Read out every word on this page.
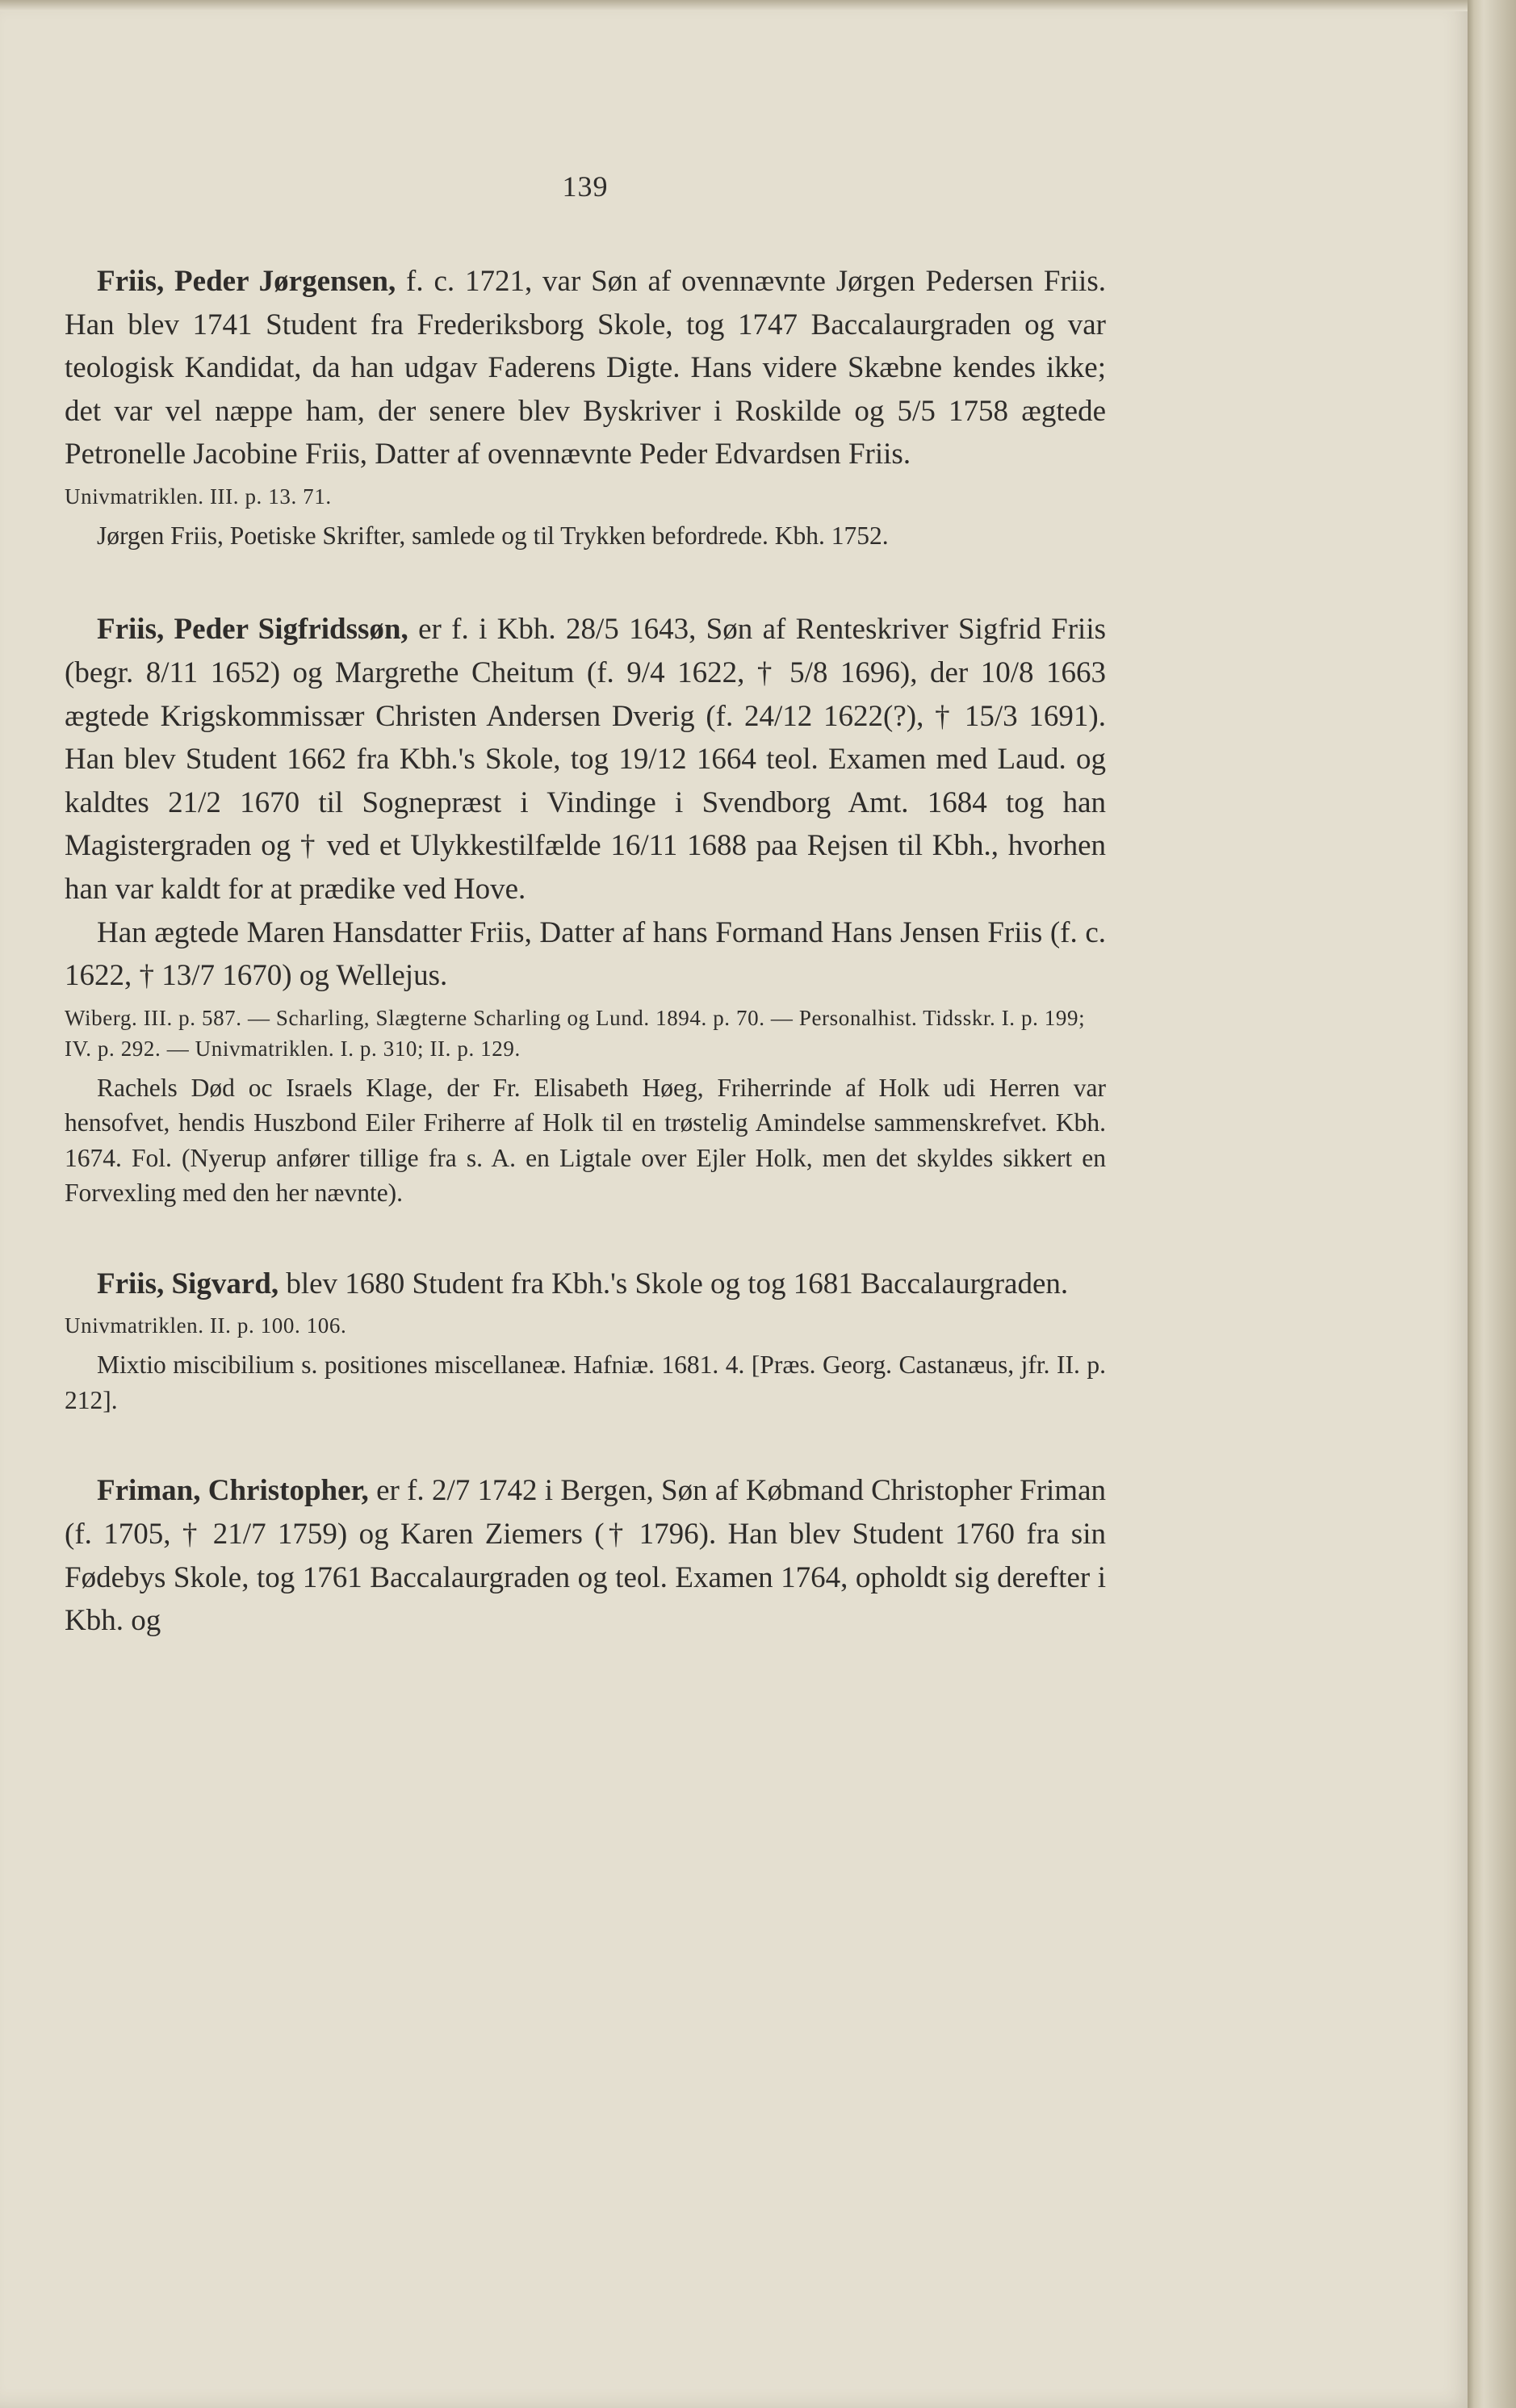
139

Friis, Peder Jørgensen, f. c. 1721, var Søn af ovennævnte Jørgen Pedersen Friis. Han blev 1741 Student fra Frederiksborg Skole, tog 1747 Baccalaurgraden og var teologisk Kandidat, da han udgav Faderens Digte. Hans videre Skæbne kendes ikke; det var vel næppe ham, der senere blev Byskriver i Roskilde og 5/5 1758 ægtede Petronelle Jacobine Friis, Datter af ovennævnte Peder Edvardsen Friis.

Univmatriklen. III. p. 13. 71.

Jørgen Friis, Poetiske Skrifter, samlede og til Trykken befordrede. Kbh. 1752.

Friis, Peder Sigfridssøn, er f. i Kbh. 28/5 1643, Søn af Renteskriver Sigfrid Friis (begr. 8/11 1652) og Margrethe Cheitum (f. 9/4 1622, † 5/8 1696), der 10/8 1663 ægtede Krigskommissær Christen Andersen Dverig (f. 24/12 1622(?), † 15/3 1691). Han blev Student 1662 fra Kbh.'s Skole, tog 19/12 1664 teol. Examen med Laud. og kaldtes 21/2 1670 til Sognepræst i Vindinge i Svendborg Amt. 1684 tog han Magistergraden og † ved et Ulykkestilfælde 16/11 1688 paa Rejsen til Kbh., hvorhen han var kaldt for at prædike ved Hove.
Han ægtede Maren Hansdatter Friis, Datter af hans Formand Hans Jensen Friis (f. c. 1622, † 13/7 1670) og Wellejus.

Wiberg. III. p. 587. — Scharling, Slægterne Scharling og Lund. 1894. p. 70. — Personalhist. Tidsskr. I. p. 199; IV. p. 292. — Univmatriklen. I. p. 310; II. p. 129.

Rachels Død oc Israels Klage, der Fr. Elisabeth Høeg, Friherrinde af Holk udi Herren var hensofvet, hendis Huszbond Eiler Friherre af Holk til en trøstelig Amindelse sammenskrefvet. Kbh. 1674. Fol. (Nyerup anfører tillige fra s. A. en Ligtale over Ejler Holk, men det skyldes sikkert en Forvexling med den her nævnte).

Friis, Sigvard, blev 1680 Student fra Kbh.'s Skole og tog 1681 Baccalaurgraden.

Univmatriklen. II. p. 100. 106.

Mixtio miscibilium s. positiones miscellaneæ. Hafniæ. 1681. 4. [Præs. Georg. Castanæus, jfr. II. p. 212].

Friman, Christopher, er f. 2/7 1742 i Bergen, Søn af Købmand Christopher Friman (f. 1705, † 21/7 1759) og Karen Ziemers († 1796). Han blev Student 1760 fra sin Fødebys Skole, tog 1761 Baccalaurgraden og teol. Examen 1764, opholdt sig derefter i Kbh. og
